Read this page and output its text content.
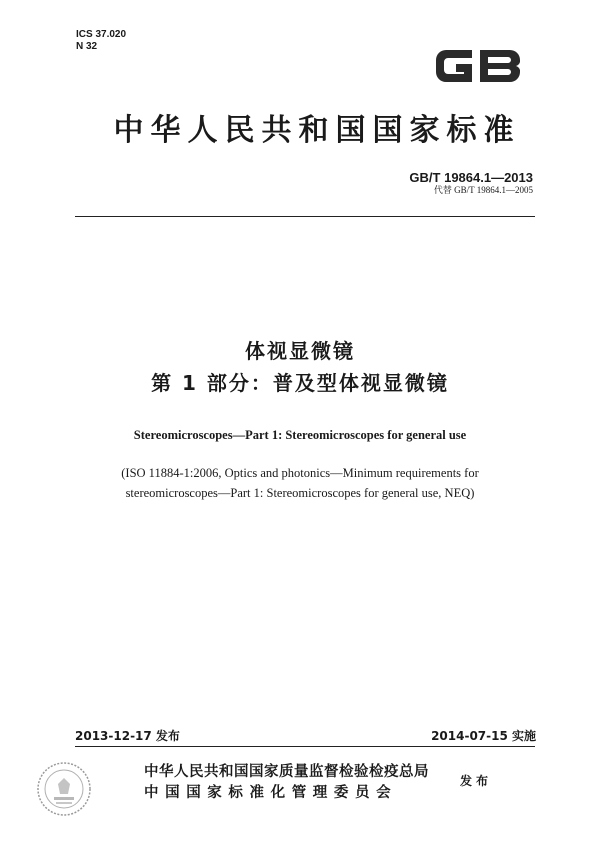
ICS 37.020
N 32
中华人民共和国国家标准
GB/T 19864.1—2013
代替 GB/T 19864.1—2005
体视显微镜
第 1 部分：普及型体视显微镜
Stereomicroscopes—Part 1: Stereomicroscopes for general use
(ISO 11884-1:2006, Optics and photonics—Minimum requirements for
stereomicroscopes—Part 1: Stereomicroscopes for general use, NEQ)
2013-12-17 发布	2014-07-15 实施
中华人民共和国国家质量监督检验检疫总局
中国国家标准化管理委员会
发布
